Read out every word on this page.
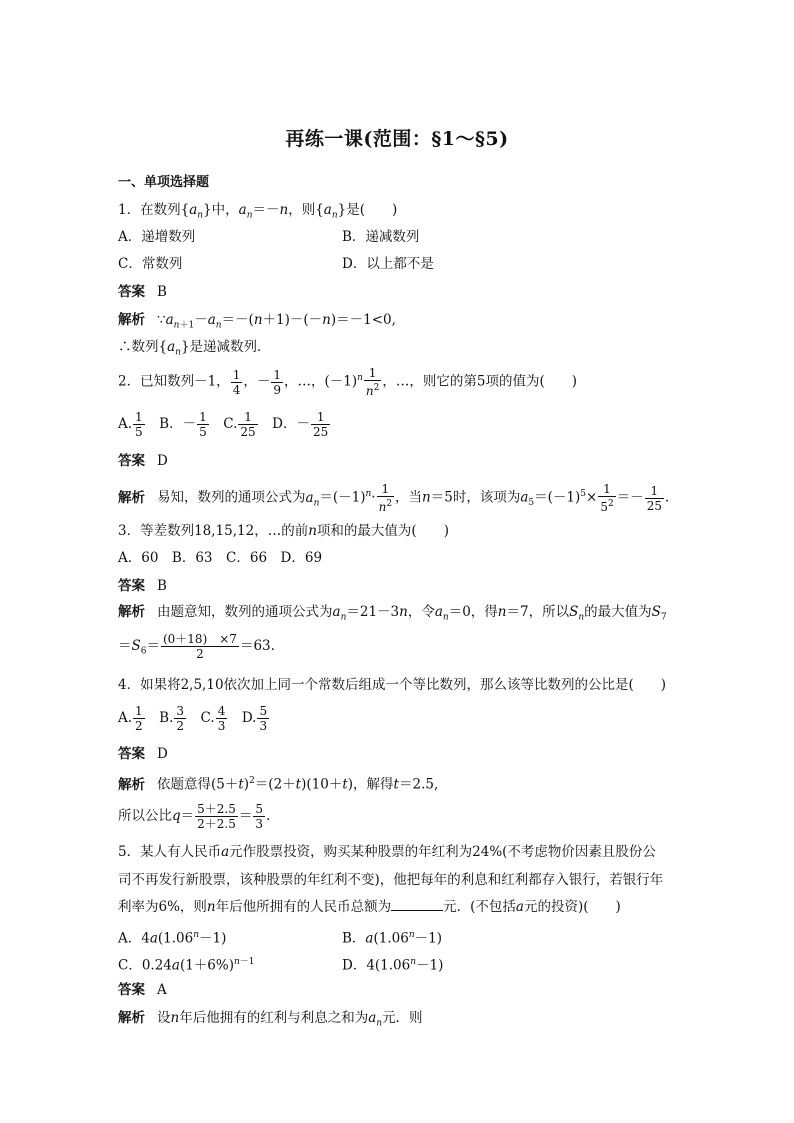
再练一课(范围：§1～§5)
一、单项选择题
1．在数列$\{a_n\}$中，$a_n=-n$，则$\{a_n\}$是(　　)
A．递增数列	B．递减数列
C．常数列	D．以上都不是
答案 B
解析 $\because a_{n+1}-a_n=-(n+1)-(-n)=-1<0$,
∴数列$\{a_n\}$是递减数列．
2．已知数列－1， $\frac{1}{4}$ ，－ $\frac{1}{9}$ ，…，$(-1)^n \frac{1}{n^2}$ ，…，则它的第5项的值为(　　)
A. $\frac{1}{5}$ 　B．－ $\frac{1}{5}$ 　C. $\frac{1}{25}$ 　D．－ $\frac{1}{25}$
答案 D
解析 易知，数列的通项公式为$a_n=(-1)^n\cdot \frac{1}{n^2}$ ，当n＝5时，该项为$a_5=(-1)^5\times \frac{1}{5^2} =- \frac{1}{25}$ .
3．等差数列18,15,12，…的前n项和的最大值为(　　)
A．60　B．63　C．66　D．69
答案 B
解析 由题意知，数列的通项公式为$a_n=21-3n$，令$a_n=0$，得n＝7，所以$S_n$的最大值为$S_7$
$=S_6= \frac{(0+18) \times 7}{2} =63$.
4．如果将2,5,10依次加上同一个常数后组成一个等比数列，那么该等比数列的公比是(　　)
A. $\frac{1}{2}$ 　B. $\frac{3}{2}$ 　C. $\frac{4}{3}$ 　D. $\frac{5}{3}$
答案 D
解析 依题意得$(5+t)^2=(2+t)(10+t)$，解得t＝2.5,
所以公比$q= \frac{5+2.5}{2+2.5} = \frac{5}{3}$ .
5．某人有人民币a元作股票投资，购买某种股票的年红利为24%(不考虑物价因素且股份公
司不再发行新股票，该种股票的年红利不变)，他把每年的利息和红利都存入银行，若银行年
利率为6%，则n年后他所拥有的人民币总额为	元．(不包括a元的投资)(　　)
A．$4a(1.06^n-1)$	B．$a(1.06^n-1)$
C．$0.24a(1+6\%)^{n-1}$	D．$4(1.06^n-1)$
答案 A
解析 设n年后他拥有的红利与利息之和为$a_n$元．则
